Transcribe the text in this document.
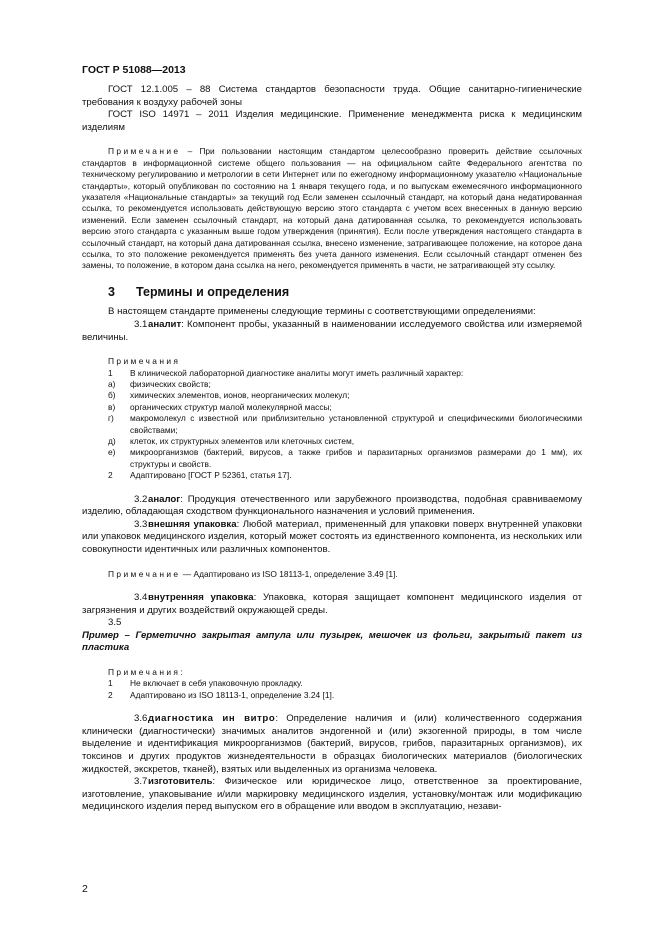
ГОСТ Р 51088—2013

ГОСТ 12.1.005 – 88 Система стандартов безопасности труда. Общие санитарно-гигиенические требования к воздуху рабочей зоны

ГОСТ ISO 14971 – 2011 Изделия медицинские. Применение менеджмента риска к медицинским изделиям

Примечание – При пользовании настоящим стандартом целесообразно проверить действие ссылочных стандартов в информационной системе общего пользования — на официальном сайте Федерального агентства по техническому регулированию и метрологии в сети Интернет или по ежегодному информационному указателю «Национальные стандарты», который опубликован по состоянию на 1 января текущего года, и по выпускам ежемесячного информационного указателя «Национальные стандарты» за текущий год Если заменен ссылочный стандарт, на который дана недатированная ссылка, то рекомендуется использовать действующую версию этого стандарта с учетом всех внесенных в данную версию изменений. Если заменен ссылочный стандарт, на который дана датированная ссылка, то рекомендуется использовать версию этого стандарта с указанным выше годом утверждения (принятия). Если после утверждения настоящего стандарта в ссылочный стандарт, на который дана датированная ссылка, внесено изменение, затрагивающее положение, на которое дана ссылка, то это положение рекомендуется применять без учета данного изменения. Если ссылочный стандарт отменен без замены, то положение, в котором дана ссылка на него, рекомендуется применять в части, не затрагивающей эту ссылку.

3 Термины и определения

В настоящем стандарте применены следующие термины с соответствующими определениями:

3.1аналит: Компонент пробы, указанный в наименовании исследуемого свойства или измеряемой величины.

Примечания

1	В клинической лабораторной диагностике аналиты могут иметь различный характер:
а)	физических свойств;
б)	химических элементов, ионов, неорганических молекул;
в)	органических структур малой молекулярной массы;
г)	макромолекул с известной или приблизительно установленной структурой и специфическими биологическими свойствами;
д)	клеток, их структурных элементов или клеточных систем,
е)	микроорганизмов (бактерий, вирусов, а также грибов и паразитарных организмов размерами до 1 мм), их структуры и свойств.
2	Адаптировано [ГОСТ Р 52361, статья 17].

3.2аналог: Продукция отечественного или зарубежного производства, подобная сравниваемому изделию, обладающая сходством функционального назначения и условий применения.

3.3внешняя упаковка: Любой материал, примененный для упаковки поверх внутренней упаковки или упаковок медицинского изделия, который может состоять из единственного компонента, из нескольких или совокупности идентичных или различных компонентов.

Примечание — Адаптировано из ISO 18113-1, определение 3.49 [1].

3.4внутренняя упаковка: Упаковка, которая защищает компонент медицинского изделия от загрязнения и других воздействий окружающей среды.

3.5

Пример – Герметично закрытая ампула или пузырек, мешочек из фольги, закрытый пакет из пластика

Примечания:

1	Не включает в себя упаковочную прокладку.
2	Адаптировано из ISO 18113-1, определение 3.24 [1].

3.6диагностика ин витро: Определение наличия и (или) количественного содержания клинически (диагностически) значимых аналитов эндогенной и (или) экзогенной природы, в том числе выделение и идентификация микроорганизмов (бактерий, вирусов, грибов, паразитарных организмов), их токсинов и других продуктов жизнедеятельности в образцах биологических материалов (биологических жидкостей, экскретов, тканей), взятых или выделенных из организма человека.

3.7изготовитель: Физическое или юридическое лицо, ответственное за проектирование, изготовление, упаковывание и/или маркировку медицинского изделия, установку/монтаж или модификацию медицинского изделия перед выпуском его в обращение или вводом в эксплуатацию, незави-

2
